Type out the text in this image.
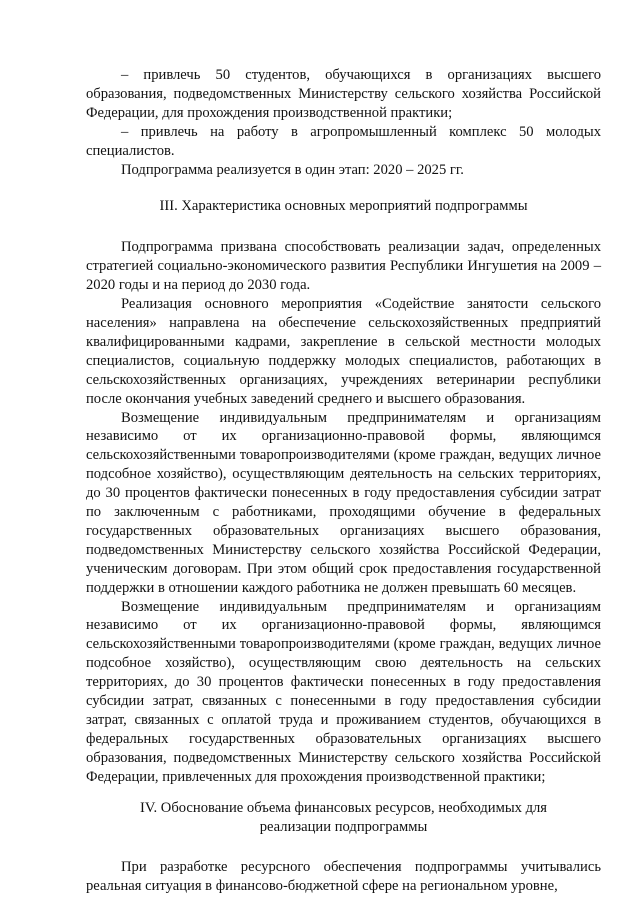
– привлечь 50 студентов, обучающихся в организациях высшего образования, подведомственных Министерству сельского хозяйства Российской Федерации, для прохождения производственной практики;

– привлечь на работу в агропромышленный комплекс 50 молодых специалистов.

Подпрограмма реализуется в один этап: 2020 – 2025 гг.

III. Характеристика основных мероприятий подпрограммы

Подпрограмма призвана способствовать реализации задач, определенных стратегией социально-экономического развития Республики Ингушетия на 2009 – 2020 годы и на период до 2030 года.

Реализация основного мероприятия «Содействие занятости сельского населения» направлена на обеспечение сельскохозяйственных предприятий квалифицированными кадрами, закрепление в сельской местности молодых специалистов, социальную поддержку молодых специалистов, работающих в сельскохозяйственных организациях, учреждениях ветеринарии республики после окончания учебных заведений среднего и высшего образования.

Возмещение индивидуальным предпринимателям и организациям независимо от их организационно-правовой формы, являющимся сельскохозяйственными товаропроизводителями (кроме граждан, ведущих личное подсобное хозяйство), осуществляющим деятельность на сельских территориях, до 30 процентов фактически понесенных в году предоставления субсидии затрат по заключенным с работниками, проходящими обучение в федеральных государственных образовательных организациях высшего образования, подведомственных Министерству сельского хозяйства Российской Федерации, ученическим договорам. При этом общий срок предоставления государственной поддержки в отношении каждого работника не должен превышать 60 месяцев.

Возмещение индивидуальным предпринимателям и организациям независимо от их организационно-правовой формы, являющимся сельскохозяйственными товаропроизводителями (кроме граждан, ведущих личное подсобное хозяйство), осуществляющим свою деятельность на сельских территориях, до 30 процентов фактически понесенных в году предоставления субсидии затрат, связанных с понесенными в году предоставления субсидии затрат, связанных с оплатой труда и проживанием студентов, обучающихся в федеральных государственных образовательных организациях высшего образования, подведомственных Министерству сельского хозяйства Российской Федерации, привлеченных для прохождения производственной практики;

IV. Обоснование объема финансовых ресурсов, необходимых для

реализации подпрограммы

При разработке ресурсного обеспечения подпрограммы учитывались реальная ситуация в финансово-бюджетной сфере на региональном уровне,
